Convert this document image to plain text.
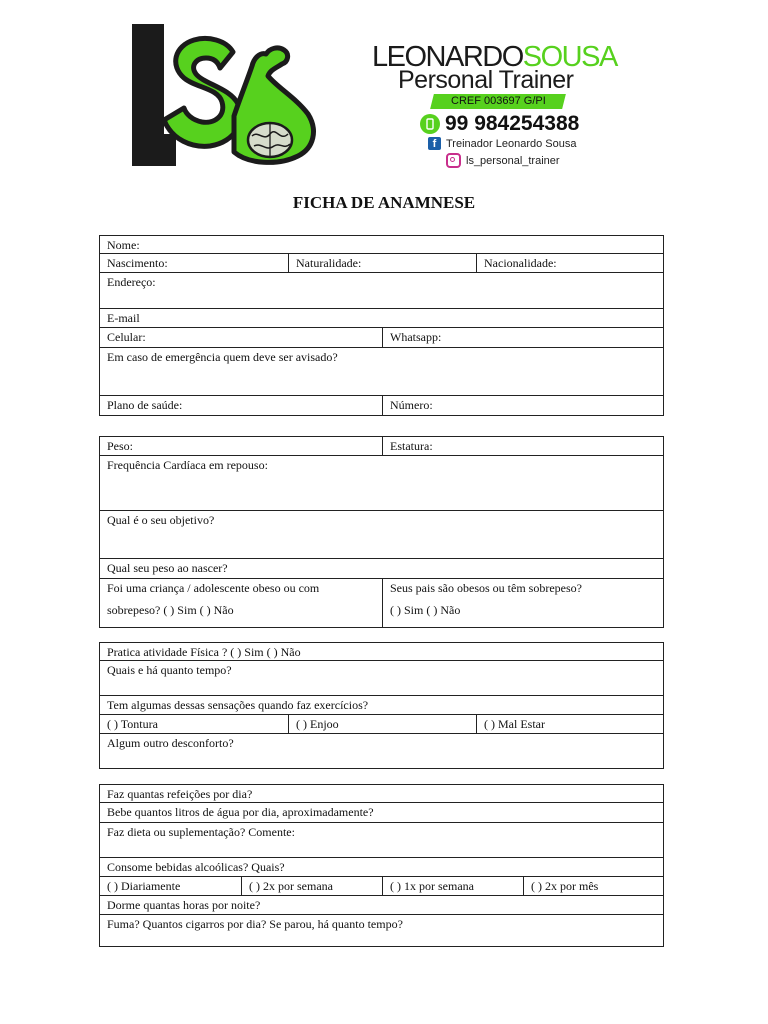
LS
LEONARDOSOUSA
Personal Trainer
CREF 003697 G/PI
99 984254388
f Treinador Leonardo Sousa
ls_personal_trainer
FICHA DE ANAMNESE
Nome:
Nascimento:	Naturalidade:	Nacionalidade:
Endereço:
E-mail
Celular:	Whatsapp:
Em caso de emergência quem deve ser avisado?
Plano de saúde:	Número:
Peso:	Estatura:
Frequência Cardíaca em repouso:
Qual é o seu objetivo?
Qual seu peso ao nascer?
Foi uma criança / adolescente obeso ou com
sobrepeso? ( ) Sim ( ) Não
Seus pais são obesos ou têm sobrepeso?
( ) Sim ( ) Não
Pratica atividade Física ? ( ) Sim ( ) Não
Quais e há quanto tempo?
Tem algumas dessas sensações quando faz exercícios?
( ) Tontura	( ) Enjoo	( ) Mal Estar
Algum outro desconforto?
Faz quantas refeições por dia?
Bebe quantos litros de água por dia, aproximadamente?
Faz dieta ou suplementação? Comente:
Consome bebidas alcoólicas? Quais?
( ) Diariamente	( ) 2x por semana	( ) 1x por semana	( ) 2x por mês
Dorme quantas horas por noite?
Fuma? Quantos cigarros por dia? Se parou, há quanto tempo?
